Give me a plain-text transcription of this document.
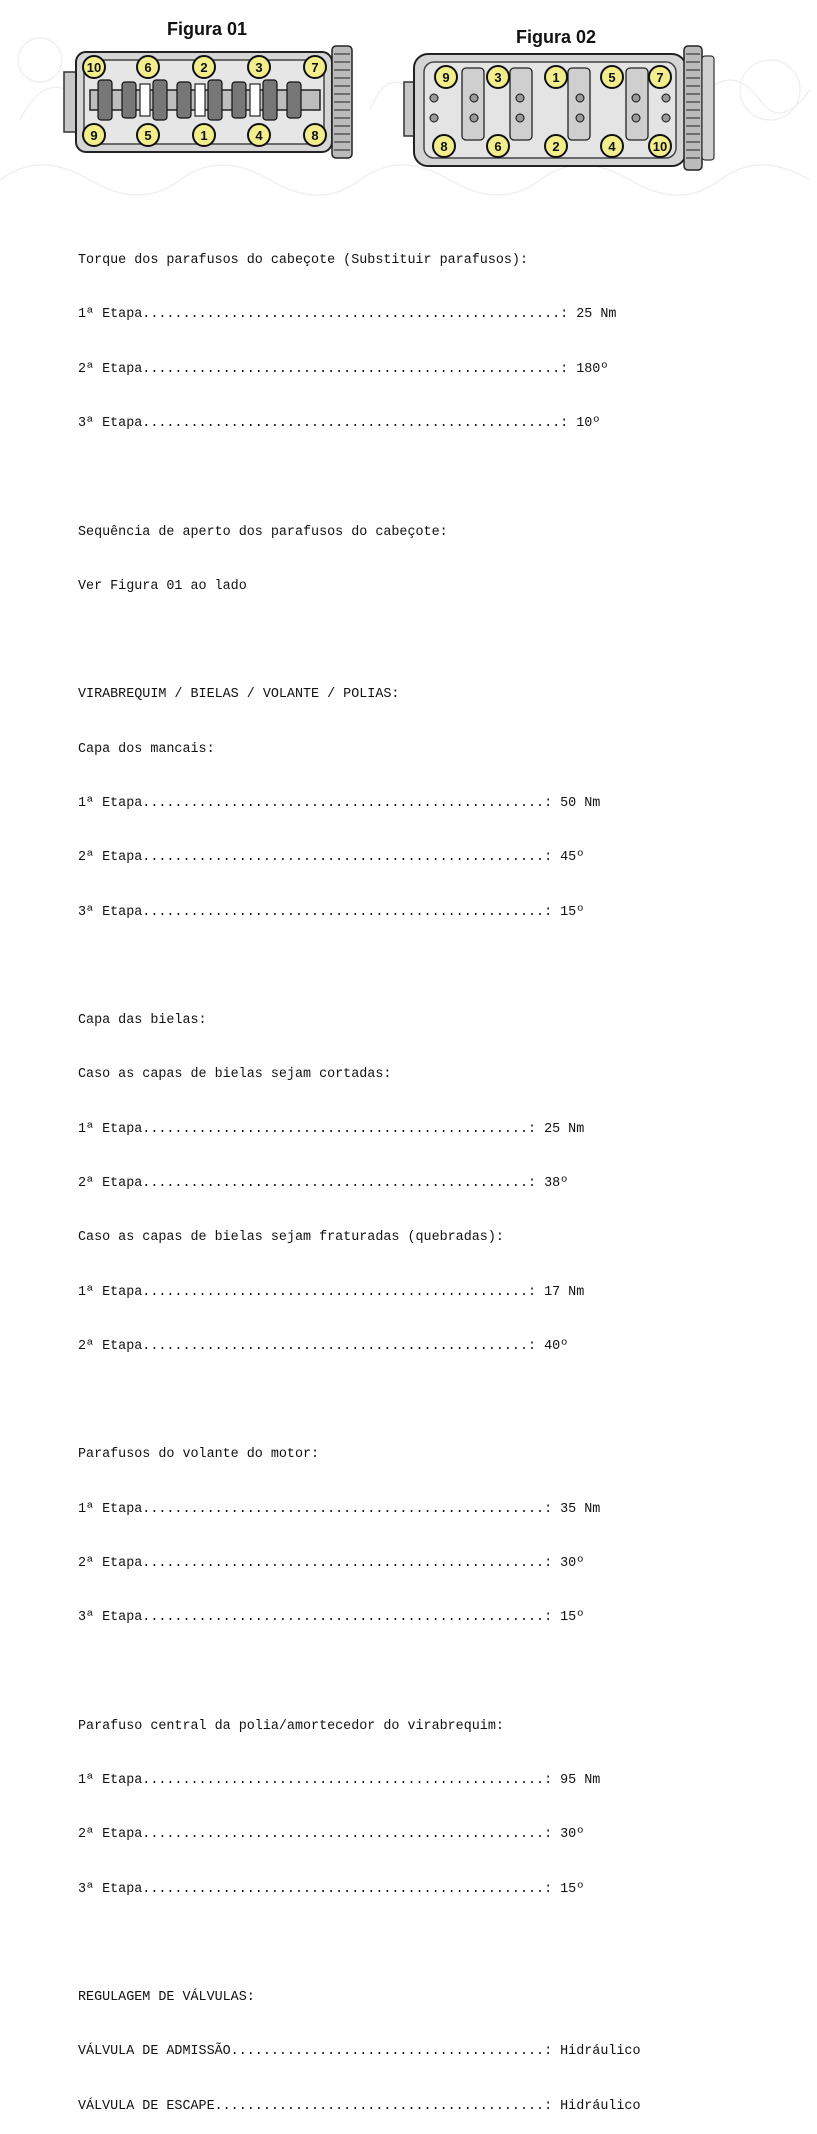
Figura 01	Figura 02
10	6	2	3	7
9	5	1	4	8
9	3	1	5	7
8	6	2	4	10

Torque dos parafusos do cabeçote (Substituir parafusos):

1ª Etapa....................................................: 25 Nm

2ª Etapa....................................................: 180º

3ª Etapa....................................................: 10º

Sequência de aperto dos parafusos do cabeçote:

Ver Figura 01 ao lado

VIRABREQUIM / BIELAS / VOLANTE / POLIAS:

Capa dos mancais:

1ª Etapa..................................................: 50 Nm

2ª Etapa..................................................: 45º

3ª Etapa..................................................: 15º

Capa das bielas:

Caso as capas de bielas sejam cortadas:

1ª Etapa................................................: 25 Nm

2ª Etapa................................................: 38º

Caso as capas de bielas sejam fraturadas (quebradas):

1ª Etapa................................................: 17 Nm

2ª Etapa................................................: 40º

Parafusos do volante do motor:

1ª Etapa..................................................: 35 Nm

2ª Etapa..................................................: 30º

3ª Etapa..................................................: 15º

Parafuso central da polia/amortecedor do virabrequim:

1ª Etapa..................................................: 95 Nm

2ª Etapa..................................................: 30º

3ª Etapa..................................................: 15º

REGULAGEM DE VÁLVULAS:

VÁLVULA DE ADMISSÃO.......................................: Hidráulico

VÁLVULA DE ESCAPE.........................................: Hidráulico
